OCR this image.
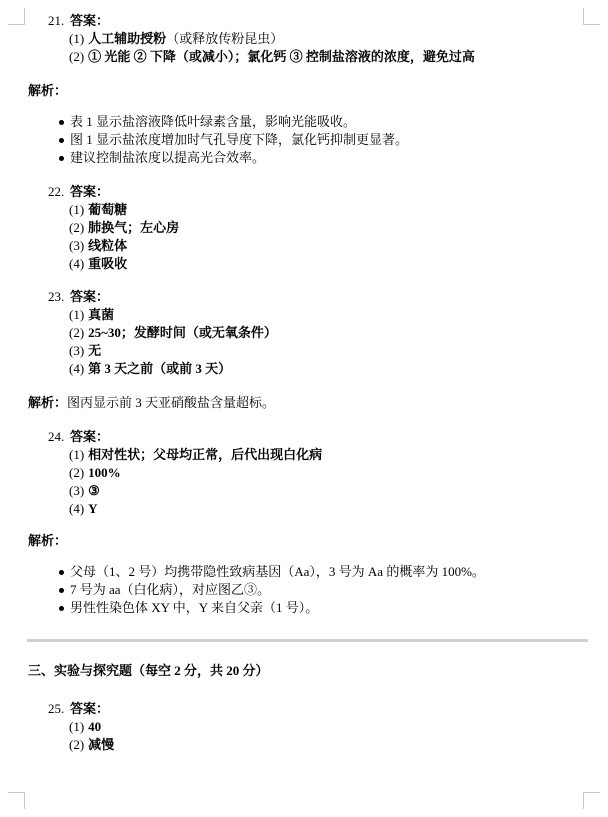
21. 答案：
(1) 人工辅助授粉（或释放传粉昆虫）
(2) ① 光能 ② 下降（或减小）；氯化钙 ③ 控制盐溶液的浓度，避免过高
解析：
表 1 显示盐溶液降低叶绿素含量，影响光能吸收。
图 1 显示盐浓度增加时气孔导度下降，氯化钙抑制更显著。
建议控制盐浓度以提高光合效率。
22. 答案：
(1) 葡萄糖
(2) 肺换气；左心房
(3) 线粒体
(4) 重吸收
23. 答案：
(1) 真菌
(2) 25~30；发酵时间（或无氧条件）
(3) 无
(4) 第 3 天之前（或前 3 天）
解析：图丙显示前 3 天亚硝酸盐含量超标。
24. 答案：
(1) 相对性状；父母均正常，后代出现白化病
(2) 100%
(3) ③
(4) Y
解析：
父母（1、2 号）均携带隐性致病基因（Aa），3 号为 Aa 的概率为 100%。
7 号为 aa（白化病），对应图乙③。
男性性染色体 XY 中，Y 来自父亲（1 号）。
三、实验与探究题（每空 2 分，共 20 分）
25. 答案：
(1) 40
(2) 减慢
